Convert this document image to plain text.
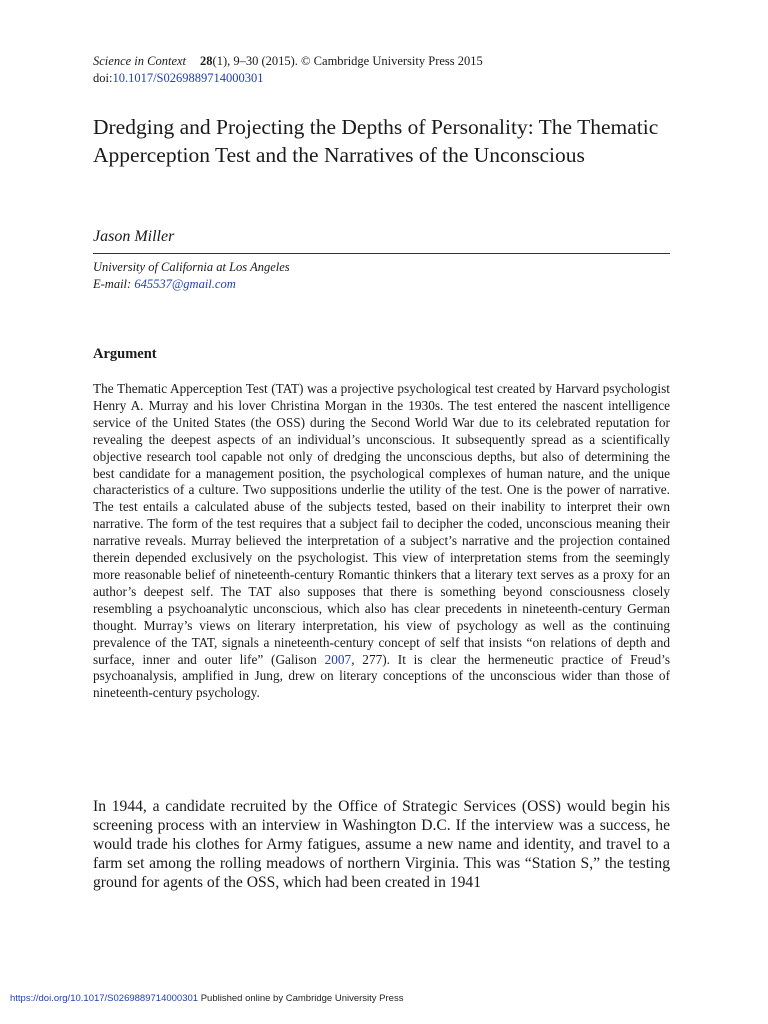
Science in Context 28(1), 9–30 (2015). © Cambridge University Press 2015
doi:10.1017/S0269889714000301
Dredging and Projecting the Depths of Personality: The Thematic Apperception Test and the Narratives of the Unconscious
Jason Miller
University of California at Los Angeles
E-mail: 645537@gmail.com
Argument

The Thematic Apperception Test (TAT) was a projective psychological test created by Harvard psychologist Henry A. Murray and his lover Christina Morgan in the 1930s. The test entered the nascent intelligence service of the United States (the OSS) during the Second World War due to its celebrated reputation for revealing the deepest aspects of an individual’s unconscious. It subsequently spread as a scientifically objective research tool capable not only of dredging the unconscious depths, but also of determining the best candidate for a management position, the psychological complexes of human nature, and the unique characteristics of a culture. Two suppositions underlie the utility of the test. One is the power of narrative. The test entails a calculated abuse of the subjects tested, based on their inability to interpret their own narrative. The form of the test requires that a subject fail to decipher the coded, unconscious meaning their narrative reveals. Murray believed the interpretation of a subject’s narrative and the projection contained therein depended exclusively on the psychologist. This view of interpretation stems from the seemingly more reasonable belief of nineteenth-century Romantic thinkers that a literary text serves as a proxy for an author’s deepest self. The TAT also supposes that there is something beyond consciousness closely resembling a psychoanalytic unconscious, which also has clear precedents in nineteenth-century German thought. Murray’s views on literary interpretation, his view of psychology as well as the continuing prevalence of the TAT, signals a nineteenth-century concept of self that insists “on relations of depth and surface, inner and outer life” (Galison 2007, 277). It is clear the hermeneutic practice of Freud’s psychoanalysis, amplified in Jung, drew on literary conceptions of the unconscious wider than those of nineteenth-century psychology.

In 1944, a candidate recruited by the Office of Strategic Services (OSS) would begin his screening process with an interview in Washington D.C. If the interview was a success, he would trade his clothes for Army fatigues, assume a new name and identity, and travel to a farm set among the rolling meadows of northern Virginia. This was “Station S,” the testing ground for agents of the OSS, which had been created in 1941

https://doi.org/10.1017/S0269889714000301 Published online by Cambridge University Press
